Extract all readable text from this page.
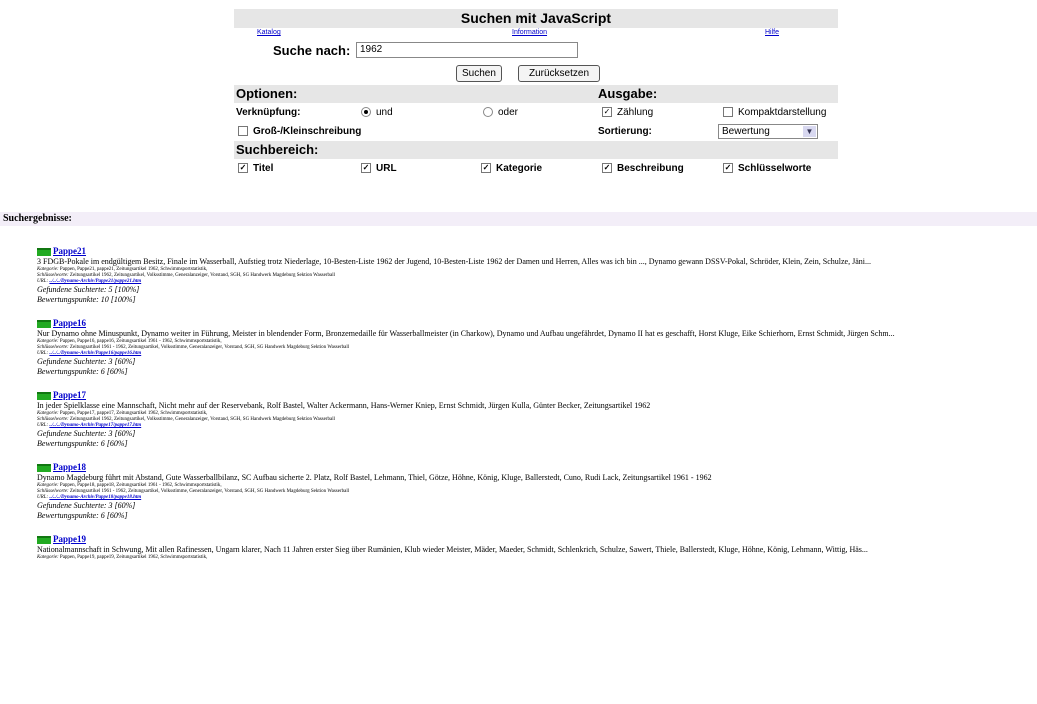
Suchen mit JavaScript
Katalog	Information	Hilfe
Suche nach: 1962
Suchen	Zurücksetzen
Optionen:	Ausgabe:
Verknüpfung:	und	oder	✓ Zählung	Kompaktdarstellung
Groß-/Kleinschreibung	Sortierung:	Bewertung	▼
Suchbereich:
✓ Titel	✓ URL	✓ Kategorie	✓ Beschreibung	✓ Schlüsselworte
Suchergebnisse:
Pappe21
3 FDGB-Pokale im endgültigem Besitz, Finale im Wasserball, Aufstieg trotz Niederlage, 10-Besten-Liste 1962 der Jugend, 10-Besten-Liste 1962 der Damen und Herren, Alles was ich bin ..., Dynamo gewann DSSV-Pokal, Schröder, Klein, Zein, Schulze, Jäni...
Kategorie: Pappen, Pappe21, pappe21, Zeitungsartikel 1962, Schwimmsportstatistik,
Schlüsselworte: Zeitungsartikel 1962, Zeitungsartikel, Volksstimme, Generalanzeiger, Vorstand, SGH, SG Handwerk Magdeburg Sektion Wasserball
URL: ../../../Dynamo-Archiv/Pappe21/pappe21.htm
Gefundene Suchterte: 5 [100%]
Bewertungspunkte: 10 [100%]
Pappe16
Nur Dynamo ohne Minuspunkt, Dynamo weiter in Führung, Meister in blendender Form, Bronzemedaille für Wasserballmeister (in Charkow), Dynamo und Aufbau ungefährdet, Dynamo II hat es geschafft, Horst Kluge, Eike Schierhorn, Ernst Schmidt, Jürgen Schm...
Kategorie: Pappen, Pappe16, pappe16, Zeitungsartikel 1961 - 1962, Schwimmsportstatistik,
Schlüsselworte: Zeitungsartikel 1961 - 1962, Zeitungsartikel, Volksstimme, Generalanzeiger, Vorstand, SGH, SG Handwerk Magdeburg Sektion Wasserball
URL: ../../../Dynamo-Archiv/Pappe16/pappe16.htm
Gefundene Suchterte: 3 [60%]
Bewertungspunkte: 6 [60%]
Pappe17
In jeder Spielklasse eine Mannschaft, Nicht mehr auf der Reservebank, Rolf Bastel, Walter Ackermann, Hans-Werner Kniep, Ernst Schmidt, Jürgen Kulla, Günter Becker, Zeitungsartikel 1962
Kategorie: Pappen, Pappe17, pappe17, Zeitungsartikel 1962, Schwimmsportstatistik,
Schlüsselworte: Zeitungsartikel 1962, Zeitungsartikel, Volksstimme, Generalanzeiger, Vorstand, SGH, SG Handwerk Magdeburg Sektion Wasserball
URL: ../../../Dynamo-Archiv/Pappe17/pappe17.htm
Gefundene Suchterte: 3 [60%]
Bewertungspunkte: 6 [60%]
Pappe18
Dynamo Magdeburg führt mit Abstand, Gute Wasserballbilanz, SC Aufbau sicherte 2. Platz, Rolf Bastel, Lehmann, Thiel, Götze, Höhne, König, Kluge, Ballerstedt, Cuno, Rudi Lack, Zeitungsartikel 1961 - 1962
Kategorie: Pappen, Pappe18, pappe18, Zeitungsartikel 1961 - 1962, Schwimmsportstatistik,
Schlüsselworte: Zeitungsartikel 1961 - 1962, Zeitungsartikel, Volksstimme, Generalanzeiger, Vorstand, SGH, SG Handwerk Magdeburg Sektion Wasserball
URL: ../../../Dynamo-Archiv/Pappe18/pappe18.htm
Gefundene Suchterte: 3 [60%]
Bewertungspunkte: 6 [60%]
Pappe19
Nationalmannschaft in Schwung, Mit allen Rafinessen, Ungarn klarer, Nach 11 Jahren erster Sieg über Rumänien, Klub wieder Meister, Mäder, Maeder, Schmidt, Schlenkrich, Schulze, Sawert, Thiele, Ballerstedt, Kluge, Höhne, König, Lehmann, Wittig, Häs...
Kategorie: Pappen, Pappe19, pappe19, Zeitungsartikel 1962, Schwimmsportstatistik,
